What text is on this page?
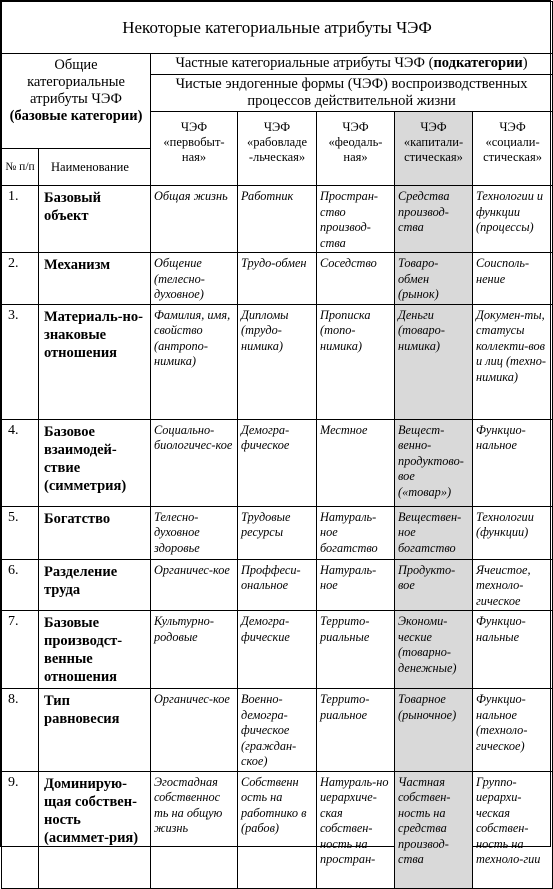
Некоторые категориальные атрибуты ЧЭФ						
Общие категориальные атрибуты ЧЭФ (базовые категории)		Частные категориальные атрибуты ЧЭФ (подкатегории)				
		Чистые эндогенные формы (ЧЭФ) воспроизводственных процессов действительной жизни				
		ЧЭФ «первобыт-ная»	ЧЭФ «рабовладе -льческая»	ЧЭФ «феодаль-ная»	ЧЭФ «капитали-стическая»	ЧЭФ «социали-стическая»
№ п/п	Наименование					
1.	Базовый объект	Общая жизнь	Работник	Простран-ство производ-ства	Средства производ-ства	Технологии и функции (процессы)
2.	Механизм	Общение (телесно-духовное)	Трудо-обмен	Соседство	Товаро-обмен (рынок)	Соисполь-нение
3.	Материаль-но-знаковые отношения	Фамилия, имя, свойство (антропо-нимика)	Дипломы (трудо-нимика)	Прописка (топо-нимика)	Деньги (товаро-нимика)	Докумен-ты, статусы коллекти-вов и лиц (техно-нимика)
4.	Базовое взаимодей-ствие (симметрия)	Социально-биологичес-кое	Демогра-фическое	Местное	Вещест-венно-продуктово-вое («товар»)	Функцио-нальное
5.	Богатство	Телесно-духовное здоровье	Трудовые ресурсы	Натураль-ное богатство	Веществен-ное богатство	Технологии (функции)
6.	Разделение труда	Органичес-кое	Проффеси-ональное	Натураль-ное	Продукто-вое	Ячеистое, техноло-гическое
7.	Базовые производст-венные отношения	Культурно-родовые	Демогра-фические	Террито-риальные	Экономи-ческие (товарно-денежные)	Функцио-нальные
8.	Тип равновесия	Органичес-кое	Военно-демогра-фическое (граждан-ское)	Террито-риальное	Товарное (рыночное)	Функцио-нальное (техноло-гическое)
9.	Доминирую-щая собствен-ность (асиммет-рия)	Эгостадная собственнос ть на общую жизнь	Собственн ость на работнико в (рабов)	Натураль-но иерархиче-ская собствен-ность на простран-	Частная собствен-ность на средства производ-ства	Группо-иерархи-ческая собствен-ность на техноло-гии
